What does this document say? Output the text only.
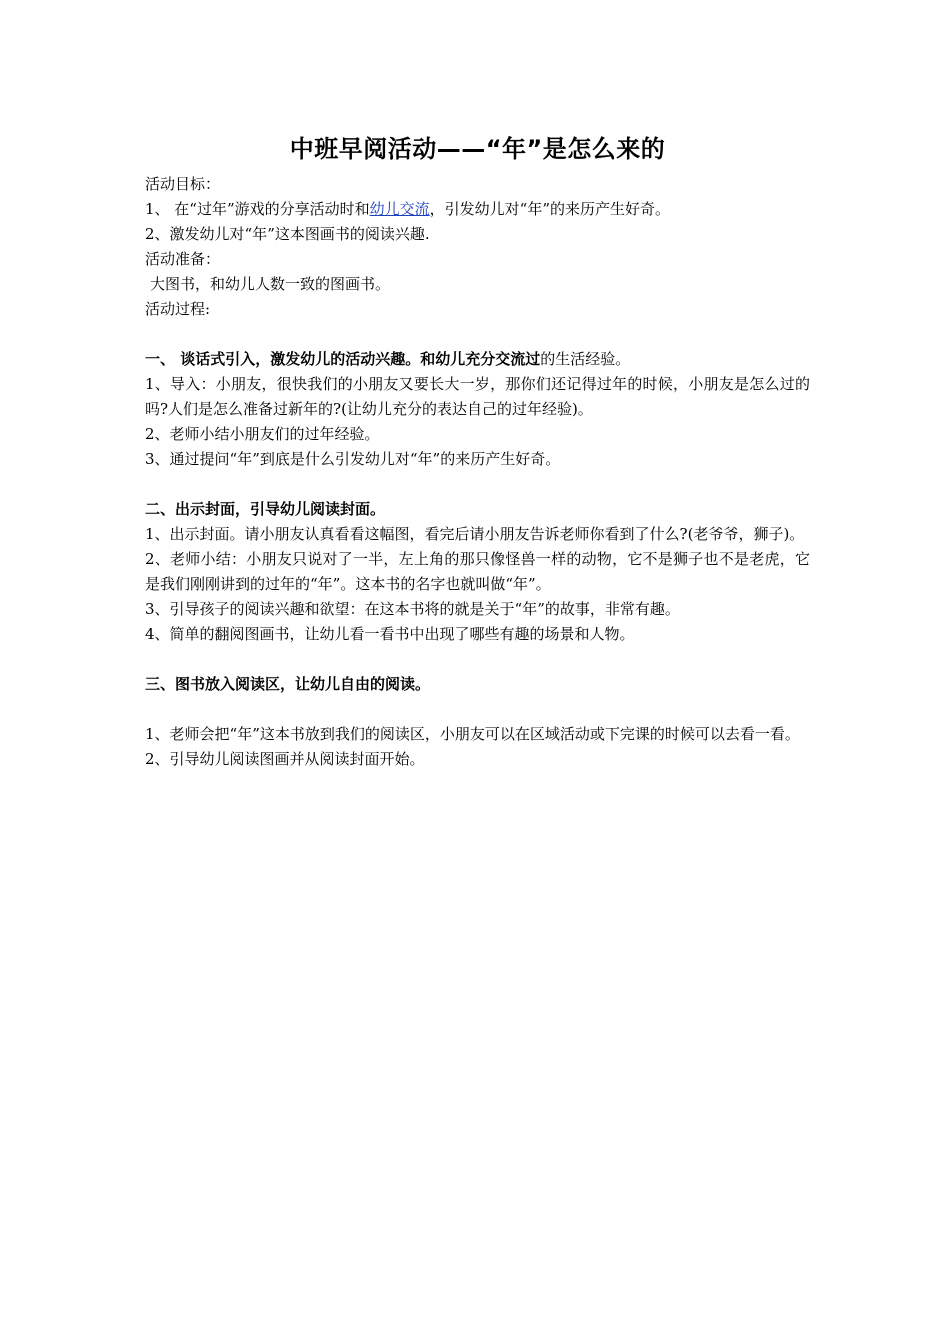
中班早阅活动——“年”是怎么来的

活动目标：

1、 在“过年”游戏的分享活动时和幼儿交流，引发幼儿对“年”的来历产生好奇。

2、激发幼儿对“年”这本图画书的阅读兴趣.

活动准备：

大图书，和幼儿人数一致的图画书。

活动过程:

一、 谈话式引入，激发幼儿的活动兴趣。和幼儿充分交流过的生活经验。

1、导入：小朋友，很快我们的小朋友又要长大一岁，那你们还记得过年的时候，小朋友是怎么过的吗?人们是怎么准备过新年的?(让幼儿充分的表达自己的过年经验)。

2、老师小结小朋友们的过年经验。

3、通过提问“年”到底是什么引发幼儿对“年”的来历产生好奇。

二、出示封面，引导幼儿阅读封面。

1、出示封面。请小朋友认真看看这幅图，看完后请小朋友告诉老师你看到了什么?(老爷爷，狮子)。

2、老师小结：小朋友只说对了一半，左上角的那只像怪兽一样的动物，它不是狮子也不是老虎，它是我们刚刚讲到的过年的“年”。这本书的名字也就叫做“年”。

3、引导孩子的阅读兴趣和欲望：在这本书将的就是关于“年”的故事，非常有趣。

4、简单的翻阅图画书，让幼儿看一看书中出现了哪些有趣的场景和人物。

三、图书放入阅读区，让幼儿自由的阅读。

1、老师会把“年”这本书放到我们的阅读区，小朋友可以在区域活动或下完课的时候可以去看一看。

2、引导幼儿阅读图画并从阅读封面开始。
